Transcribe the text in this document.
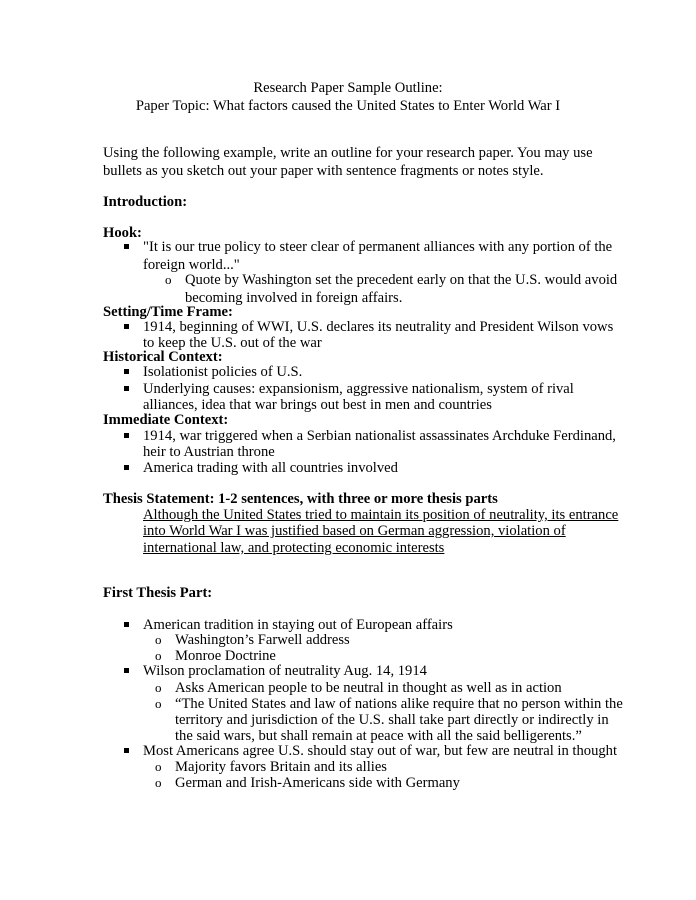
Research Paper Sample Outline:
Paper Topic: What factors caused the United States to Enter World War I
Using the following example, write an outline for your research paper. You may use
bullets as you sketch out your paper with sentence fragments or notes style.
Introduction:
Hook:
"It is our true policy to steer clear of permanent alliances with any portion of the
foreign world..."
o Quote by Washington set the precedent early on that the U.S. would avoid
becoming involved in foreign affairs.
Setting/Time Frame:
1914, beginning of WWI, U.S. declares its neutrality and President Wilson vows
to keep the U.S. out of the war
Historical Context:
Isolationist policies of U.S.
Underlying causes: expansionism, aggressive nationalism, system of rival
alliances, idea that war brings out best in men and countries
Immediate Context:
1914, war triggered when a Serbian nationalist assassinates Archduke Ferdinand,
heir to Austrian throne
America trading with all countries involved
Thesis Statement: 1-2 sentences, with three or more thesis parts
Although the United States tried to maintain its position of neutrality, its entrance
into World War I was justified based on German aggression, violation of
international law, and protecting economic interests
First Thesis Part:
American tradition in staying out of European affairs
o Washington’s Farwell address
o Monroe Doctrine
Wilson proclamation of neutrality Aug. 14, 1914
o Asks American people to be neutral in thought as well as in action
o “The United States and law of nations alike require that no person within the
territory and jurisdiction of the U.S. shall take part directly or indirectly in
the said wars, but shall remain at peace with all the said belligerents.”
Most Americans agree U.S. should stay out of war, but few are neutral in thought
o Majority favors Britain and its allies
o German and Irish-Americans side with Germany
